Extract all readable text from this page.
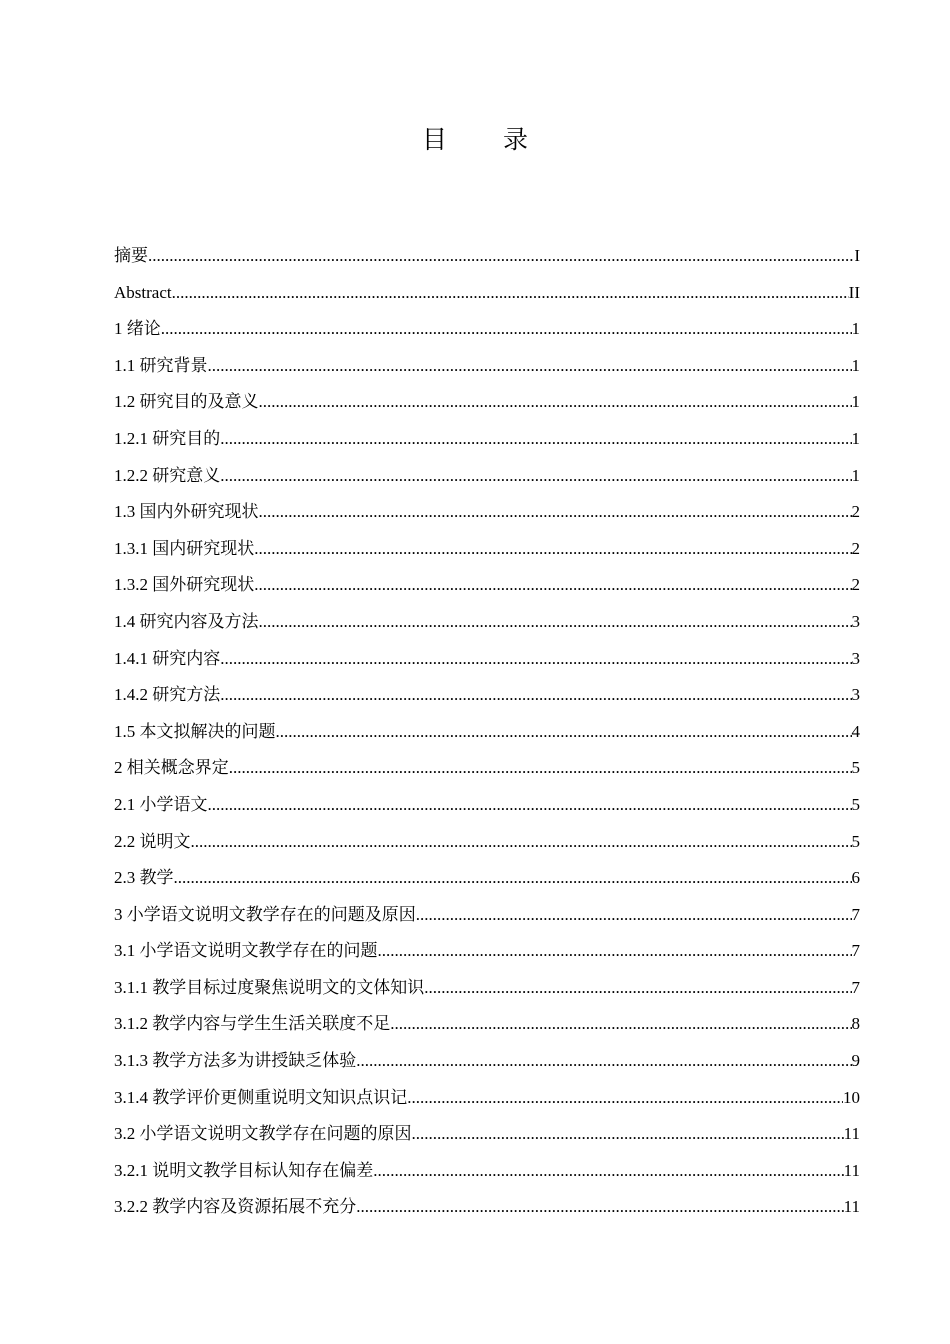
目 录
摘要 .....	I
Abstract .....	II
1 绪论 .....	1
1.1 研究背景 .....	1
1.2 研究目的及意义 .....	1
1.2.1 研究目的 .....	1
1.2.2 研究意义 .....	1
1.3 国内外研究现状 .....	2
1.3.1 国内研究现状 .....	2
1.3.2 国外研究现状 .....	2
1.4 研究内容及方法 .....	3
1.4.1 研究内容 .....	3
1.4.2 研究方法 .....	3
1.5 本文拟解决的问题 .....	4
2 相关概念界定 .....	5
2.1 小学语文 .....	5
2.2 说明文 .....	5
2.3 教学 .....	6
3 小学语文说明文教学存在的问题及原因 .....	7
3.1 小学语文说明文教学存在的问题 .....	7
3.1.1 教学目标过度聚焦说明文的文体知识 .....	7
3.1.2 教学内容与学生生活关联度不足 .....	8
3.1.3 教学方法多为讲授缺乏体验 .....	9
3.1.4 教学评价更侧重说明文知识点识记 .....	10
3.2 小学语文说明文教学存在问题的原因 .....	11
3.2.1 说明文教学目标认知存在偏差 .....	11
3.2.2 教学内容及资源拓展不充分 .....	11
